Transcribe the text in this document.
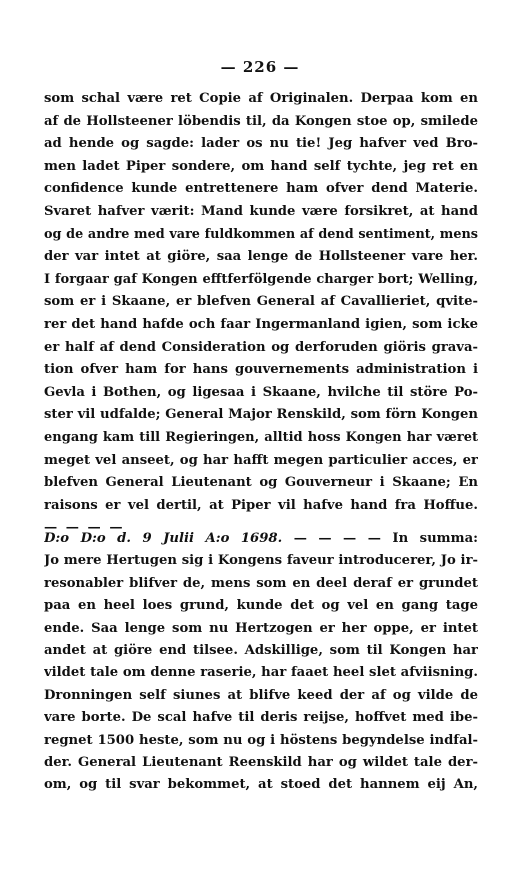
— 226 —
som schal være ret Copie af Originalen. Derpaa kom en
af de Hollsteener löbendis til, da Kongen stoe op, smilede
ad hende og sagde: lader os nu tie! Jeg hafver ved Bro-
men ladet Piper sondere, om hand self tychte, jeg ret en
confidence kunde entrettenere ham ofver dend Materie.
Svaret hafver værit: Mand kunde være forsikret, at hand
og de andre med vare fuldkommen af dend sentiment, mens
der var intet at giöre, saa lenge de Hollsteener vare her.
I forgaar gaf Kongen efftferfölgende charger bort; Welling,
som er i Skaane, er blefven General af Cavallieriet, qvite-
rer det hand hafde och faar Ingermanland igien, som icke
er half af dend Consideration og derforuden giöris grava-
tion ofver ham for hans gouvernements administration i
Gevla i Bothen, og ligesaa i Skaane, hvilche til störe Po-
ster vil udfalde; General Major Renskild, som förn Kongen
engang kam till Regieringen, alltid hoss Kongen har været
meget vel anseet, og har hafft megen particulier acces, er
blefven General Lieutenant og Gouverneur i Skaane; En
raisons er vel dertil, at Piper vil hafve hand fra Hoffue.
— — — —
D:o D:o d. 9 Julii A:o 1698. — — — — In summa:
Jo mere Hertugen sig i Kongens faveur introducerer, Jo ir-
resonabler blifver de, mens som en deel deraf er grundet
paa en heel loes grund, kunde det og vel en gang tage
ende. Saa lenge som nu Hertzogen er her oppe, er intet
andet at giöre end tilsee. Adskillige, som til Kongen har
vildet tale om denne raserie, har faaet heel slet afviisning.
Dronningen self siunes at blifve keed der af og vilde de
vare borte. De scal hafve til deris reijse, hoffvet med ibe-
regnet 1500 heste, som nu og i höstens begyndelse indfal-
der. General Lieutenant Reenskild har og wildet tale der-
om, og til svar bekommet, at stoed det hannem eij An,
